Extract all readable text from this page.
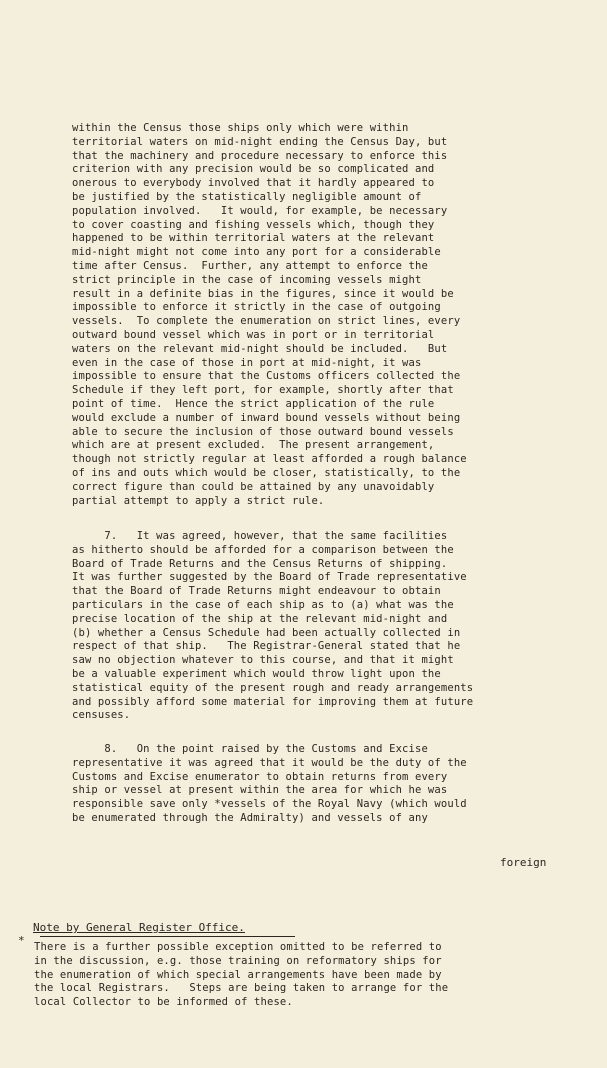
within the Census those ships only which were within
territorial waters on mid-night ending the Census Day, but
that the machinery and procedure necessary to enforce this
criterion with any precision would be so complicated and
onerous to everybody involved that it hardly appeared to
be justified by the statistically negligible amount of
population involved.   It would, for example, be necessary
to cover coasting and fishing vessels which, though they
happened to be within territorial waters at the relevant
mid-night might not come into any port for a considerable
time after Census.  Further, any attempt to enforce the
strict principle in the case of incoming vessels might
result in a definite bias in the figures, since it would be
impossible to enforce it strictly in the case of outgoing
vessels.  To complete the enumeration on strict lines, every
outward bound vessel which was in port or in territorial
waters on the relevant mid-night should be included.   But
even in the case of those in port at mid-night, it was
impossible to ensure that the Customs officers collected the
Schedule if they left port, for example, shortly after that
point of time.  Hence the strict application of the rule
would exclude a number of inward bound vessels without being
able to secure the inclusion of those outward bound vessels
which are at present excluded.  The present arrangement,
though not strictly regular at least afforded a rough balance
of ins and outs which would be closer, statistically, to the
correct figure than could be attained by any unavoidably
partial attempt to apply a strict rule.
7.   It was agreed, however, that the same facilities
as hitherto should be afforded for a comparison between the
Board of Trade Returns and the Census Returns of shipping.
It was further suggested by the Board of Trade representative
that the Board of Trade Returns might endeavour to obtain
particulars in the case of each ship as to (a) what was the
precise location of the ship at the relevant mid-night and
(b) whether a Census Schedule had been actually collected in
respect of that ship.   The Registrar-General stated that he
saw no objection whatever to this course, and that it might
be a valuable experiment which would throw light upon the
statistical equity of the present rough and ready arrangements
and possibly afford some material for improving them at future
censuses.
8.   On the point raised by the Customs and Excise
representative it was agreed that it would be the duty of the
Customs and Excise enumerator to obtain returns from every
ship or vessel at present within the area for which he was
responsible save only *vessels of the Royal Navy (which would
be enumerated through the Admiralty) and vessels of any
foreign
*
Note by General Register Office.
There is a further possible exception omitted to be referred to
in the discussion, e.g. those training on reformatory ships for
the enumeration of which special arrangements have been made by
the local Registrars.   Steps are being taken to arrange for the
local Collector to be informed of these.
